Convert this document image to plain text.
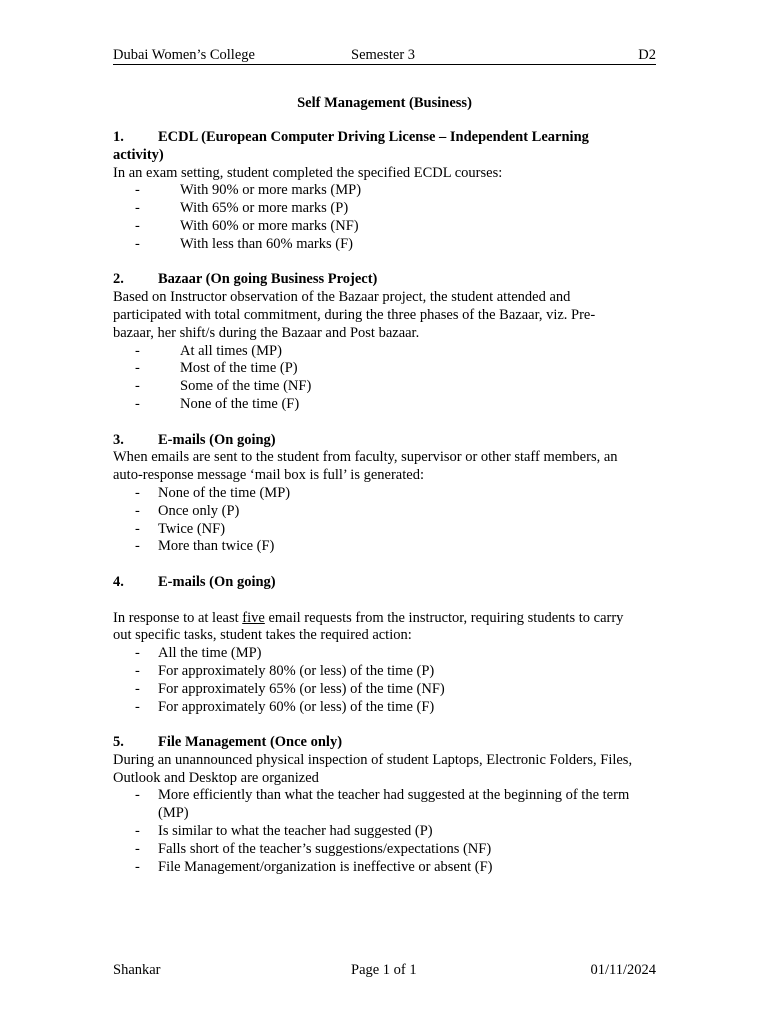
Dubai Women’s College	Semester 3	D2
Self Management (Business)
1.	ECDL (European Computer Driving License – Independent Learning
activity)
In an exam setting, student completed the specified ECDL courses:
-	With 90% or more marks (MP)
-	With 65% or more marks (P)
-	With 60% or more marks (NF)
-	With less than 60% marks (F)
2.	Bazaar (On going Business Project)
Based on Instructor observation of the Bazaar project, the student attended and
participated with total commitment, during the three phases of the Bazaar, viz. Pre-
bazaar, her shift/s during the Bazaar and Post bazaar.
-	At all times (MP)
-	Most of the time (P)
-	Some of the time (NF)
-	None of the time (F)
3.	E-mails (On going)
When emails are sent to the student from faculty, supervisor or other staff members, an
auto-response message ‘mail box is full’ is generated:
-	None of the time (MP)
-	Once only (P)
-	Twice (NF)
-	More than twice (F)
4.	E-mails (On going)
In response to at least five email requests from the instructor, requiring students to carry
out specific tasks, student takes the required action:
-	All the time (MP)
-	For approximately 80% (or less) of the time (P)
-	For approximately 65% (or less) of the time (NF)
-	For approximately 60% (or less) of the time (F)
5.	File Management (Once only)
During an unannounced physical inspection of student Laptops, Electronic Folders, Files,
Outlook and Desktop are organized
-	More efficiently than what the teacher had suggested at the beginning of the term
(MP)
-	Is similar to what the teacher had suggested (P)
-	Falls short of the teacher’s suggestions/expectations (NF)
-	File Management/organization is ineffective or absent (F)
Shankar	Page 1 of 1	01/11/2024
